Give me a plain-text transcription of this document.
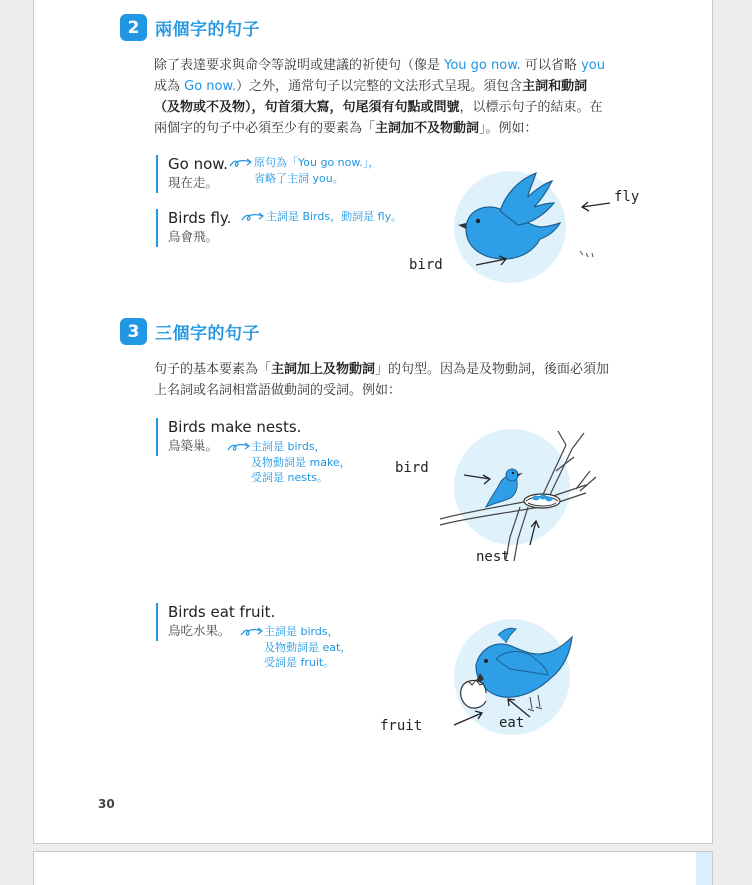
2 兩個字的句子
除了表達要求與命令等說明或建議的祈使句（像是 You go now. 可以省略 you 成為 Go now.）之外，通常句子以完整的文法形式呈現。須包含主詞和動詞（及物或不及物），句首須大寫，句尾須有句點或問號，以標示句子的結束。在兩個字的句子中必須至少有的要素為「主詞加不及物動詞」。例如：
Go now.
現在走。
原句為「You go now.」，
省略了主詞 you。
Birds fly.
鳥會飛。
主詞是 Birds，動詞是 fly。
fly
bird
3 三個字的句子
句子的基本要素為「主詞加上及物動詞」的句型。因為是及物動詞，後面必須加上名詞或名詞相當語做動詞的受詞。例如：
Birds make nests.
鳥築巢。	主詞是 birds，
及物動詞是 make，
受詞是 nests。
bird
nest
Birds eat fruit.
鳥吃水果。	主詞是 birds，
及物動詞是 eat，
受詞是 fruit。
fruit	eat
30
